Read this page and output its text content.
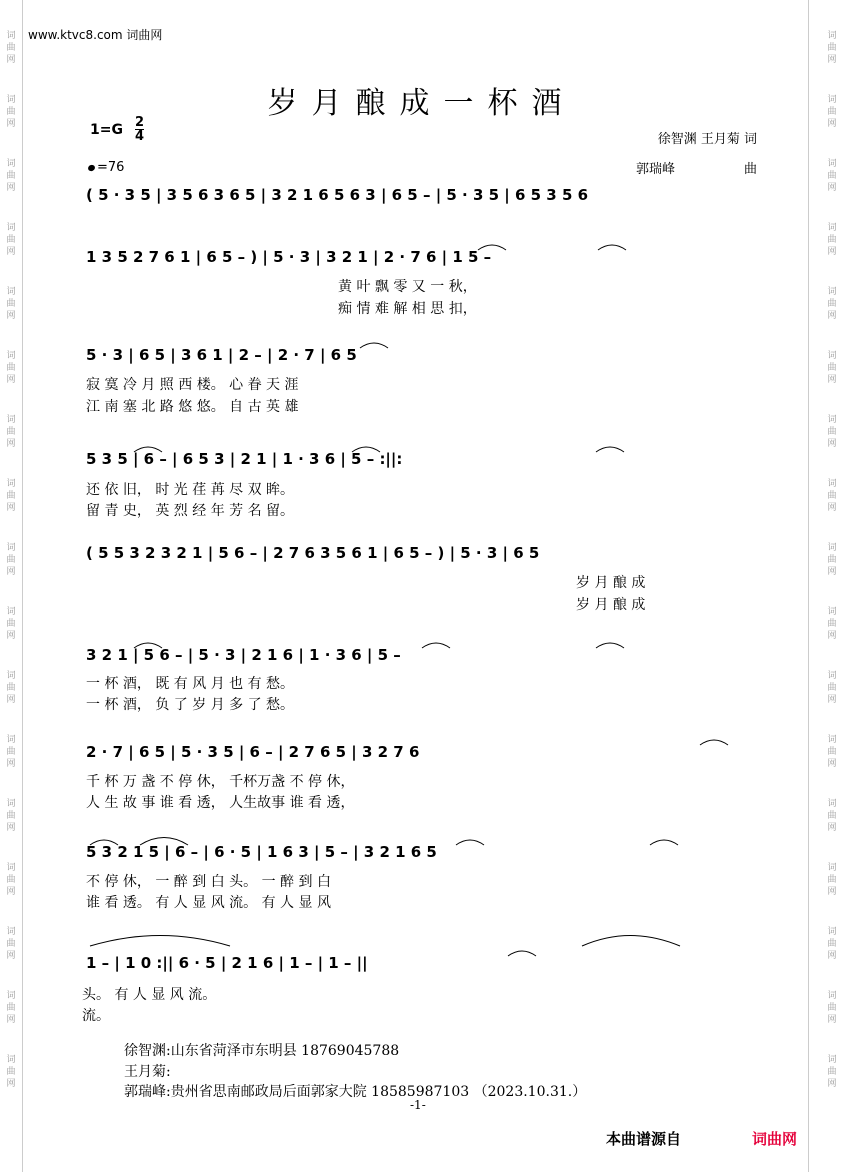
词
曲
网
词
曲
网
词
曲
网
词
曲
网
词
曲
网
词
曲
网
词
曲
网
词
曲
网
词
曲
网
词
曲
网
词
曲
网
词
曲
网
词
曲
网
词
曲
网
词
曲
网
词
曲
网
词
曲
网
词
曲
网
词
曲
网
词
曲
网
词
曲
网
词
曲
网
词
曲
网
词
曲
网
词
曲
网
词
曲
网
词
曲
网
词
曲
网
词
曲
网
词
曲
网
词
曲
网
词
曲
网
词
曲
网
词
曲
网
www.ktvc8.com 词曲网
岁月酿成一杯酒
$1=G \frac{2}{4}$
=76
徐智渊 王月菊 词
郭瑞峰	曲
( 5 · 3 5 | 3 5 6 3 6 5 | 3 2 1 6 5 6 3 | 6 5 – | 5 · 3 5 | 6 5 3 5 6
1 3 5 2 7 6 1 | 6 5 – ) | 5 · 3 | 3 2 1 | 2 · 7 6 | 1 5 –
黄 叶 飘 零 又 一 秋，
痴 情 难 解 相 思 扣，
5 · 3 | 6 5 | 3 6 1 | 2 – | 2 · 7 | 6 5
寂 寞 冷 月 照 西 楼。 心 眷 天 涯
江 南 塞 北 路 悠 悠。 自 古 英 雄
5 3 5 | 6 – | 6 5 3 | 2 1 | 1 · 3 6 | 5 – :||:
还 依 旧， 时 光 荏 苒 尽 双 眸。
留 青 史， 英 烈 经 年 芳 名 留。
( 5 5 3 2 3 2 1 | 5 6 – | 2 7 6 3 5 6 1 | 6 5 – ) | 5 · 3 | 6 5
岁 月 酿 成
岁 月 酿 成
3 2 1 | 5 6 – | 5 · 3 | 2 1 6 | 1 · 3 6 | 5 –
一 杯 酒， 既 有 风 月 也 有 愁。
一 杯 酒， 负 了 岁 月 多 了 愁。
2 · 7 | 6 5 | 5 · 3 5 | 6 – | 2 7 6 5 | 3 2 7 6
千 杯 万 盏 不 停 休， 千杯万盏 不 停 休，
人 生 故 事 谁 看 透， 人生故事 谁 看 透，
5 3 2 1 5 | 6 – | 6 · 5 | 1 6 3 | 5 – | 3 2 1 6 5
不 停 休， 一 醉 到 白 头。 一 醉 到 白
谁 看 透。 有 人 显 风 流。 有 人 显 风
1 – | 1 0 :|| 6 · 5 | 2 1 6 | 1 – | 1 – ||
头。 有 人 显 风 流。
流。
徐智渊:山东省菏泽市东明县 18769045788
王月菊:
郭瑞峰:贵州省思南邮政局后面郭家大院 18585987103 （2023.10.31.）
-1-
本曲谱源自	词曲网
